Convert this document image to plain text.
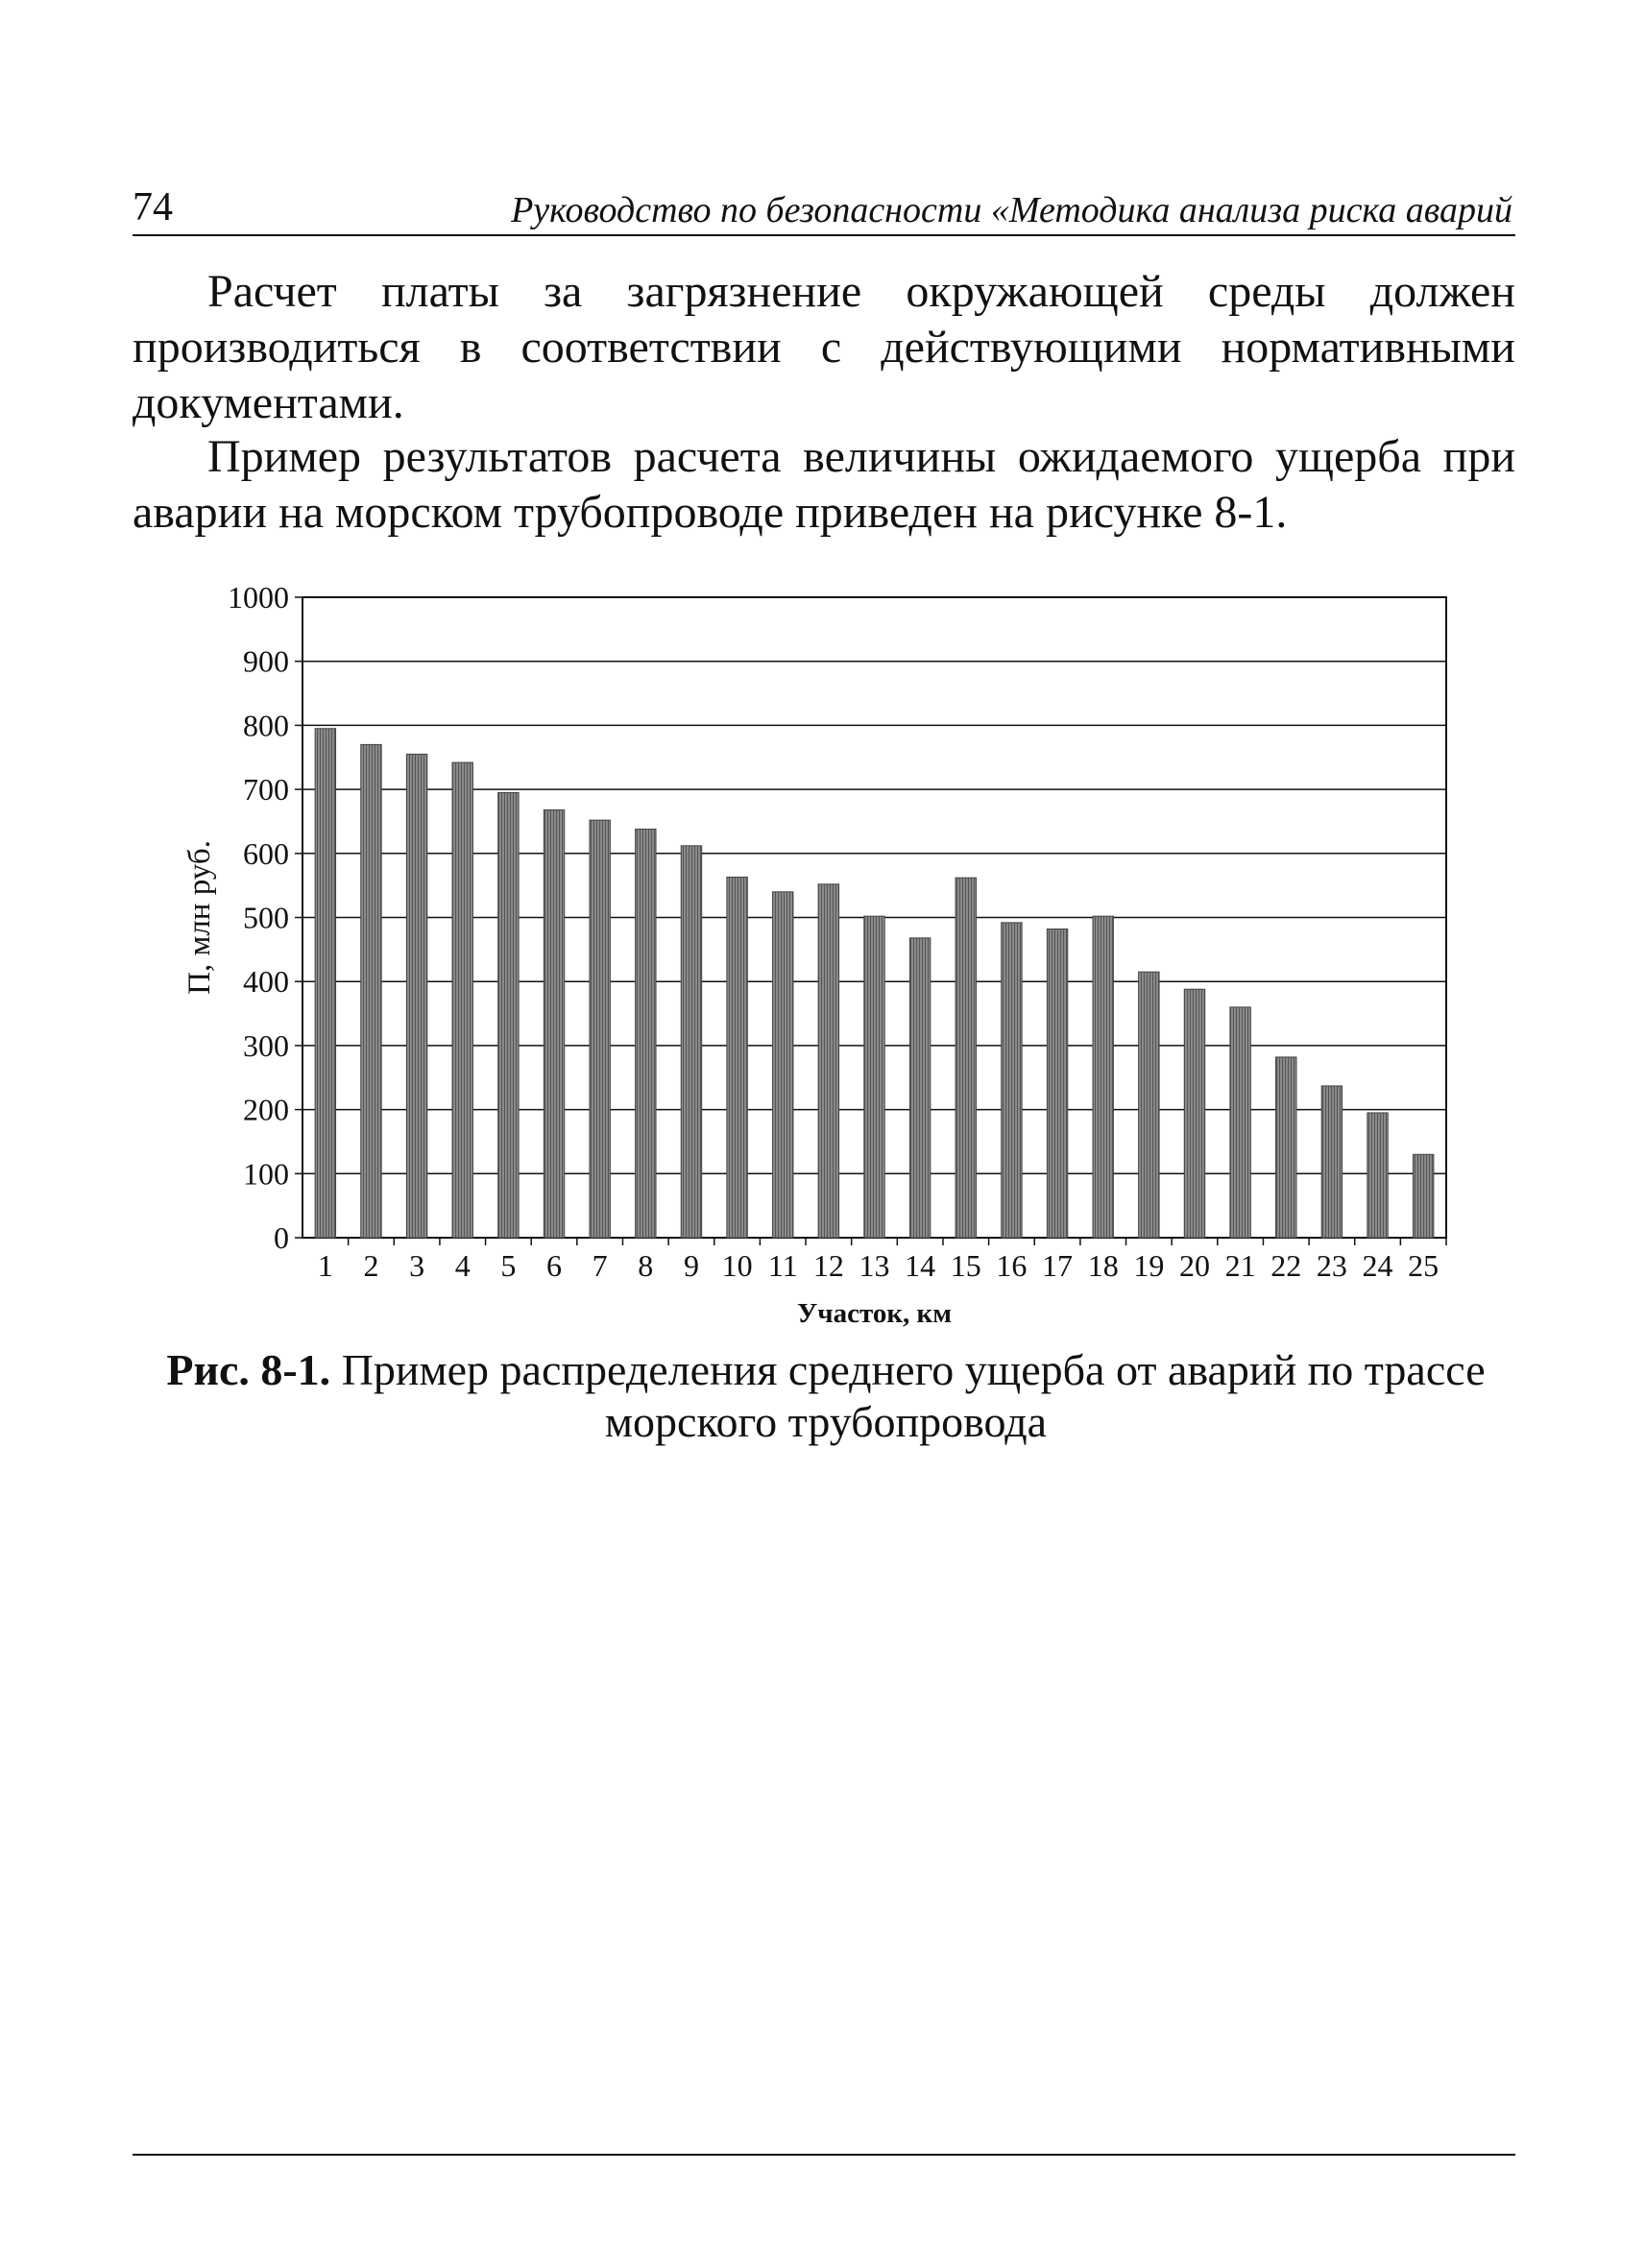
74	Руководство по безопасности «Методика анализа риска аварий

Расчет платы за загрязнение окружающей среды должен производиться в соответствии с действующими нормативными документами.

Пример результатов расчета величины ожидаемого ущерба при аварии на морском трубопроводе приведен на рисунке 8-1.

0
100
200
300
400
500
600
700
800
900
1000
1 2 3 4 5 6 7 8 9 10 11 12 13 14 15 16 17 18 19 20 21 22 23 24 25
Участок, км
П, млн руб.

Рис. 8-1. Пример распределения среднего ущерба от аварий по трассе морского трубопровода
